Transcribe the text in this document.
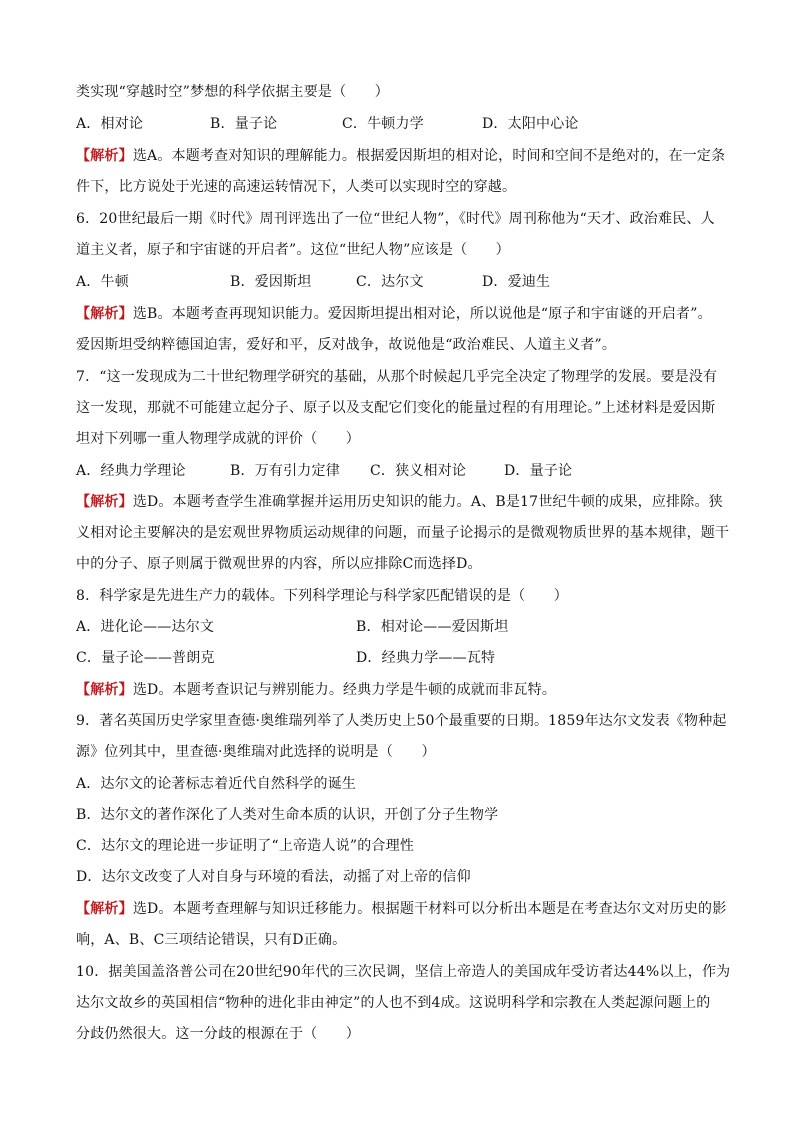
类实现“穿越时空”梦想的科学依据主要是（　　）
A．相对论	B．量子论	C．牛顿力学	D．太阳中心论
【解析】选A。本题考查对知识的理解能力。根据爱因斯坦的相对论，时间和空间不是绝对的，在一定条
件下，比方说处于光速的高速运转情况下，人类可以实现时空的穿越。
6．20世纪最后一期《时代》周刊评选出了一位“世纪人物”，《时代》周刊称他为“天才、政治难民、人
道主义者，原子和宇宙谜的开启者”。这位“世纪人物”应该是（　　）
A．牛顿	B．爱因斯坦	C．达尔文	D．爱迪生
【解析】选B。本题考查再现知识能力。爱因斯坦提出相对论，所以说他是“原子和宇宙谜的开启者”。
爱因斯坦受纳粹德国迫害，爱好和平，反对战争，故说他是“政治难民、人道主义者”。
7．“这一发现成为二十世纪物理学研究的基础，从那个时候起几乎完全决定了物理学的发展。要是没有
这一发现，那就不可能建立起分子、原子以及支配它们变化的能量过程的有用理论。”上述材料是爱因斯
坦对下列哪一重人物理学成就的评价（　　）
A．经典力学理论	B．万有引力定律 C．狭义相对论	D．量子论
【解析】选D。本题考查学生准确掌握并运用历史知识的能力。A、B是17世纪牛顿的成果，应排除。狭
义相对论主要解决的是宏观世界物质运动规律的问题，而量子论揭示的是微观物质世界的基本规律，题干
中的分子、原子则属于微观世界的内容，所以应排除C而选择D。
8．科学家是先进生产力的载体。下列科学理论与科学家匹配错误的是（　　）
A．进化论——达尔文	B．相对论——爱因斯坦
C．量子论——普朗克	D．经典力学——瓦特
【解析】选D。本题考查识记与辨别能力。经典力学是牛顿的成就而非瓦特。
9．著名英国历史学家里查德·奥维瑞列举了人类历史上50个最重要的日期。1859年达尔文发表《物种起
源》位列其中，里查德·奥维瑞对此选择的说明是（　　）
A．达尔文的论著标志着近代自然科学的诞生
B．达尔文的著作深化了人类对生命本质的认识，开创了分子生物学
C．达尔文的理论进一步证明了“上帝造人说”的合理性
D．达尔文改变了人对自身与环境的看法，动摇了对上帝的信仰
【解析】选D。本题考查理解与知识迁移能力。根据题干材料可以分析出本题是在考查达尔文对历史的影
响，A、B、C三项结论错误，只有D正确。
10．据美国盖洛普公司在20世纪90年代的三次民调，坚信上帝造人的美国成年受访者达44%以上，作为
达尔文故乡的英国相信“物种的进化非由神定”的人也不到4成。这说明科学和宗教在人类起源问题上的
分歧仍然很大。这一分歧的根源在于（　　）
